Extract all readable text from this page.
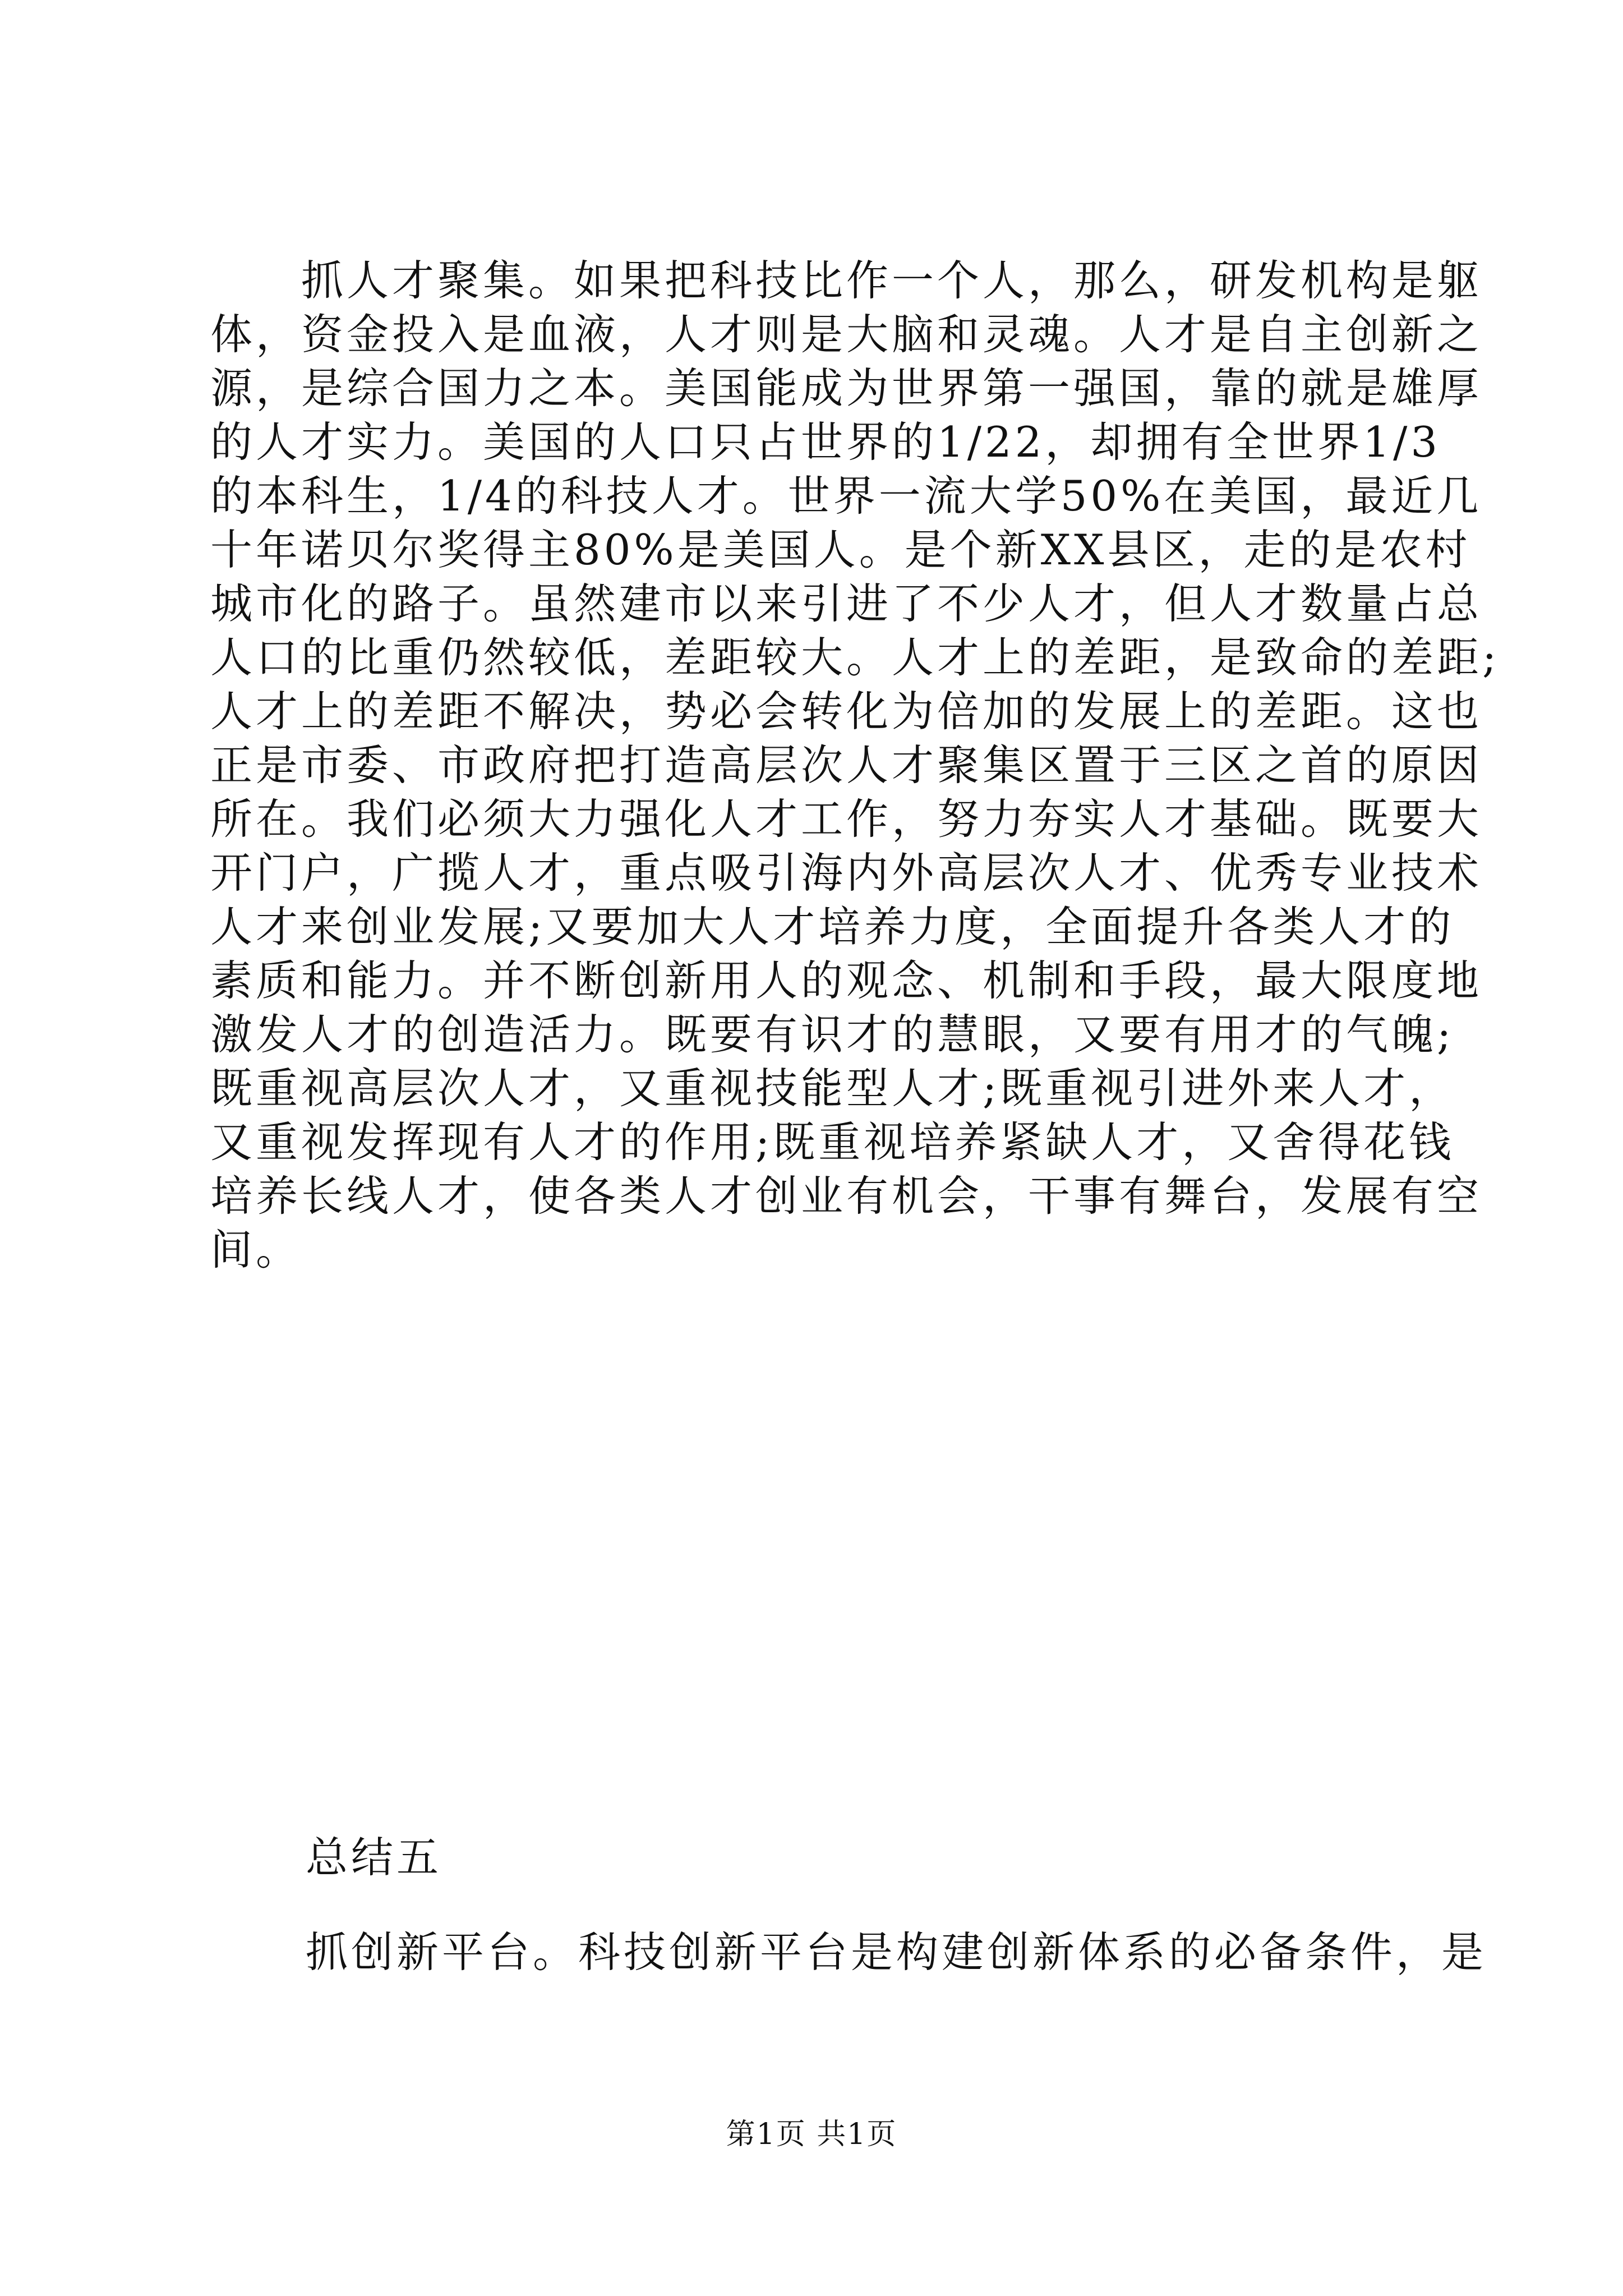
　　抓人才聚集。如果把科技比作一个人，那么，研发机构是躯
体，资金投入是血液，人才则是大脑和灵魂。人才是自主创新之
源，是综合国力之本。美国能成为世界第一强国，靠的就是雄厚
的人才实力。美国的人口只占世界的1/22，却拥有全世界1/3
的本科生，1/4的科技人才。世界一流大学50%在美国，最近几
十年诺贝尔奖得主80%是美国人。是个新XX县区，走的是农村
城市化的路子。虽然建市以来引进了不少人才，但人才数量占总
人口的比重仍然较低，差距较大。人才上的差距，是致命的差距;
人才上的差距不解决，势必会转化为倍加的发展上的差距。这也
正是市委、市政府把打造高层次人才聚集区置于三区之首的原因
所在。我们必须大力强化人才工作，努力夯实人才基础。既要大
开门户，广揽人才，重点吸引海内外高层次人才、优秀专业技术
人才来创业发展;又要加大人才培养力度，全面提升各类人才的
素质和能力。并不断创新用人的观念、机制和手段，最大限度地
激发人才的创造活力。既要有识才的慧眼，又要有用才的气魄;
既重视高层次人才，又重视技能型人才;既重视引进外来人才，
又重视发挥现有人才的作用;既重视培养紧缺人才，又舍得花钱
培养长线人才，使各类人才创业有机会，干事有舞台，发展有空
间。
总结五

抓创新平台。科技创新平台是构建创新体系的必备条件，是

第1页 共1页
